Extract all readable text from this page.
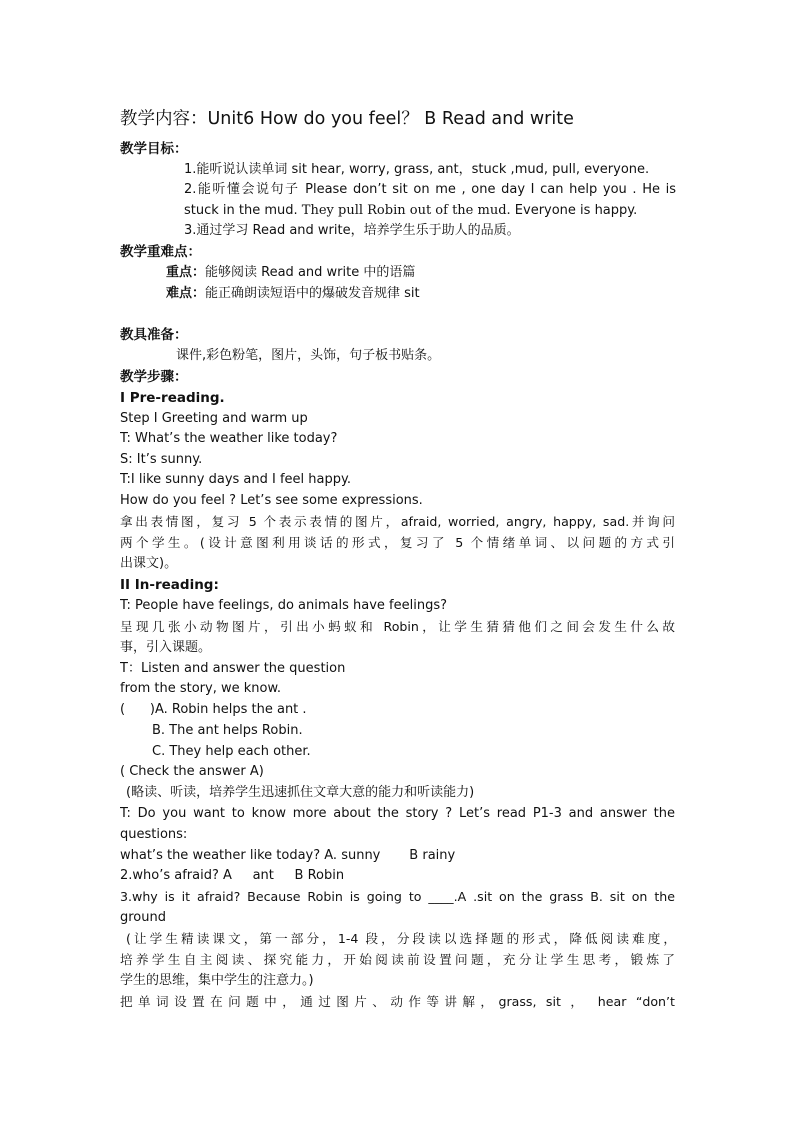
教学内容：Unit6 How do you feel？ B Read and write
教学目标：
1.能听说认读单词 sit hear, worry, grass, ant，stuck ,mud, pull, everyone.
2.能听懂会说句子 Please don’t sit on me , one day I can help you . He is
stuck in the mud. They pull Robin out of the mud. Everyone is happy.
3.通过学习 Read and write，培养学生乐于助人的品质。
教学重难点：
重点：能够阅读 Read and write 中的语篇
难点：能正确朗读短语中的爆破发音规律 sit
教具准备：
课件,彩色粉笔，图片，头饰，句子板书贴条。
教学步骤：
I Pre-reading.
Step I Greeting and warm up
T: What’s the weather like today?
S: It’s sunny.
T:I like sunny days and I feel happy.
How do you feel ? Let’s see some expressions.
拿出表情图，复习 5 个表示表情的图片，afraid, worried, angry, happy, sad.并询问
两个学生。(设计意图利用谈话的形式，复习了 5 个情绪单词、以问题的方式引
出课文)。
II In-reading:
T: People have feelings, do animals have feelings?
呈现几张小动物图片，引出小蚂蚁和 Robin，让学生猜猜他们之间会发生什么故
事，引入课题。
T：Listen and answer the question
from the story, we know.
(      )A. Robin helps the ant .
B. The ant helps Robin.
C. They help each other.
( Check the answer A)
(略读、听读，培养学生迅速抓住文章大意的能力和听读能力)
T: Do you want to know more about the story ? Let’s read P1-3 and answer the
questions:
what’s the weather like today? A. sunny       B rainy
2.who’s afraid? A     ant     B Robin
3.why is it afraid? Because Robin is going to ____.A .sit on the grass B. sit on the
ground
(让学生精读课文，第一部分，1-4 段，分段读以选择题的形式，降低阅读难度，
培养学生自主阅读、探究能力，开始阅读前设置问题，充分让学生思考，锻炼了
学生的思维，集中学生的注意力。)
把单词设置在问题中，通过图片、动作等讲解，grass, sit ， hear “don’t
